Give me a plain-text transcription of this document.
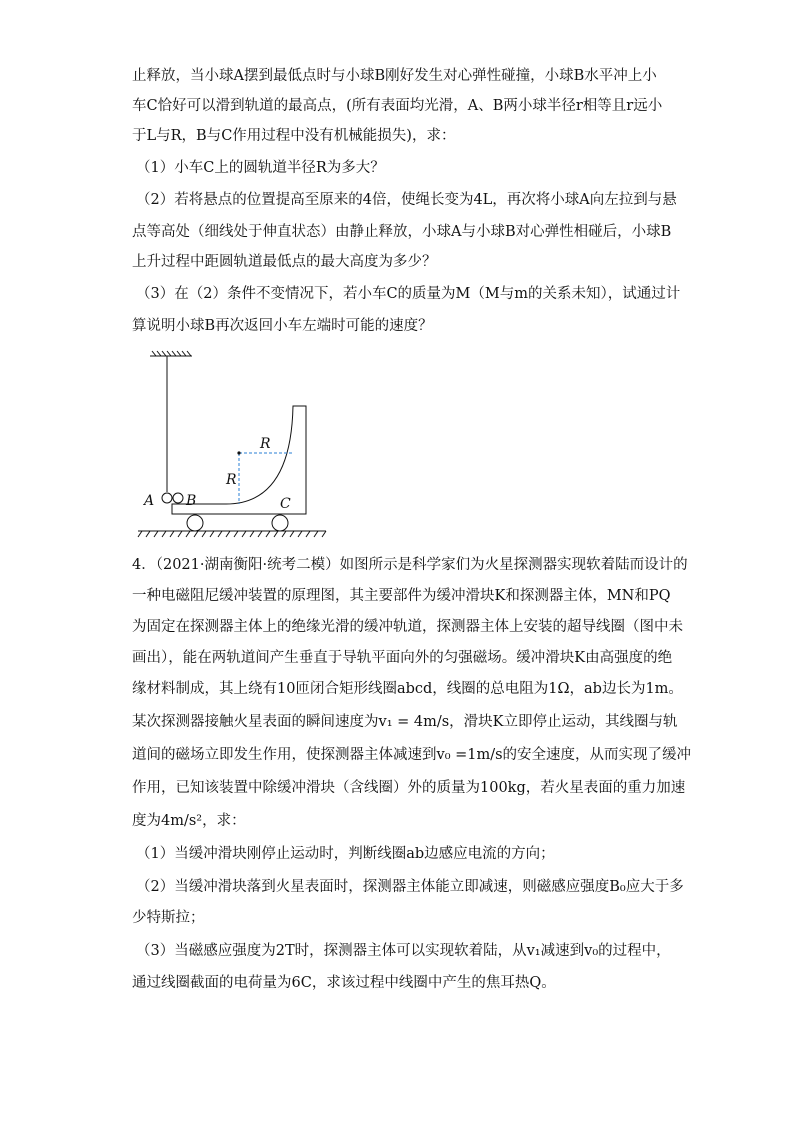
止释放，当小球A摆到最低点时与小球B刚好发生对心弹性碰撞，小球B水平冲上小
车C恰好可以滑到轨道的最高点，(所有表面均光滑，A、B两小球半径r相等且r远小
于L与R，B与C作用过程中没有机械能损失)，求：
（1）小车C上的圆轨道半径R为多大？
（2）若将悬点的位置提高至原来的4倍，使绳长变为4L，再次将小球A向左拉到与悬
点等高处（细线处于伸直状态）由静止释放，小球A与小球B对心弹性相碰后，小球B
上升过程中距圆轨道最低点的最大高度为多少？
（3）在（2）条件不变情况下，若小车C的质量为M（M与m的关系未知），试通过计
算说明小球B再次返回小车左端时可能的速度？
A B	C
R
R
4．（2021·湖南衡阳·统考二模）如图所示是科学家们为火星探测器实现软着陆而设计的
一种电磁阻尼缓冲装置的原理图，其主要部件为缓冲滑块K和探测器主体，MN和PQ
为固定在探测器主体上的绝缘光滑的缓冲轨道，探测器主体上安装的超导线圈（图中未
画出），能在两轨道间产生垂直于导轨平面向外的匀强磁场。缓冲滑块K由高强度的绝
缘材料制成，其上绕有10匝闭合矩形线圈abcd，线圈的总电阻为1Ω，ab边长为1m。
某次探测器接触火星表面的瞬间速度为v₁ = 4m/s，滑块K立即停止运动，其线圈与轨
道间的磁场立即发生作用，使探测器主体减速到v₀ =1m/s的安全速度，从而实现了缓冲
作用，已知该装置中除缓冲滑块（含线圈）外的质量为100kg，若火星表面的重力加速
度为4m/s²，求：
（1）当缓冲滑块刚停止运动时，判断线圈ab边感应电流的方向；
（2）当缓冲滑块落到火星表面时，探测器主体能立即减速，则磁感应强度B₀应大于多
少特斯拉；
（3）当磁感应强度为2T时，探测器主体可以实现软着陆，从v₁减速到v₀的过程中，
通过线圈截面的电荷量为6C，求该过程中线圈中产生的焦耳热Q。
